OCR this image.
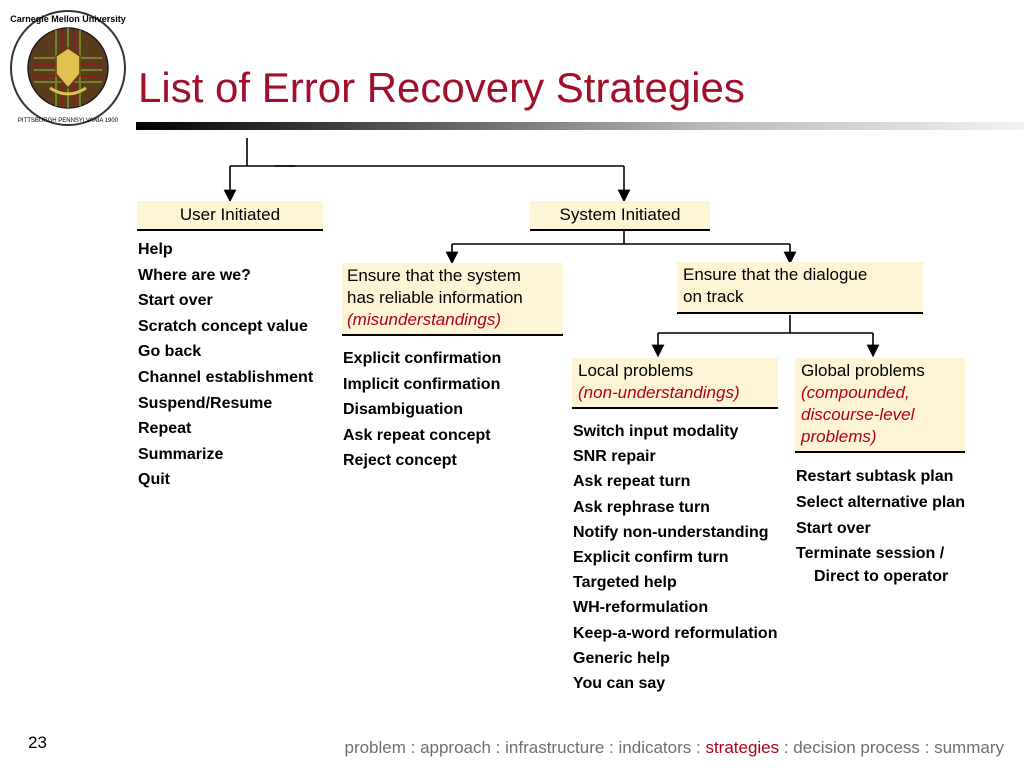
Carnegie Mellon University
PITTSBURGH PENNSYLVANIA 1900
List of Error Recovery Strategies
User Initiated
Help
Where are we?
Start over
Scratch concept value
Go back
Channel establishment
Suspend/Resume
Repeat
Summarize
Quit
System Initiated
Ensure that the system
has reliable information
(misunderstandings)
Explicit confirmation
Implicit confirmation
Disambiguation
Ask repeat concept
Reject concept
Ensure that the dialogue
on track
Local problems
(non-understandings)
Switch input modality
SNR repair
Ask repeat turn
Ask rephrase turn
Notify non-understanding
Explicit confirm turn
Targeted help
WH-reformulation
Keep-a-word reformulation
Generic help
You can say
Global problems
(compounded,
discourse-level
problems)
Restart subtask plan
Select alternative plan
Start over
Terminate session /
Direct to operator
23	problem : approach : infrastructure : indicators : strategies : decision process : summary
